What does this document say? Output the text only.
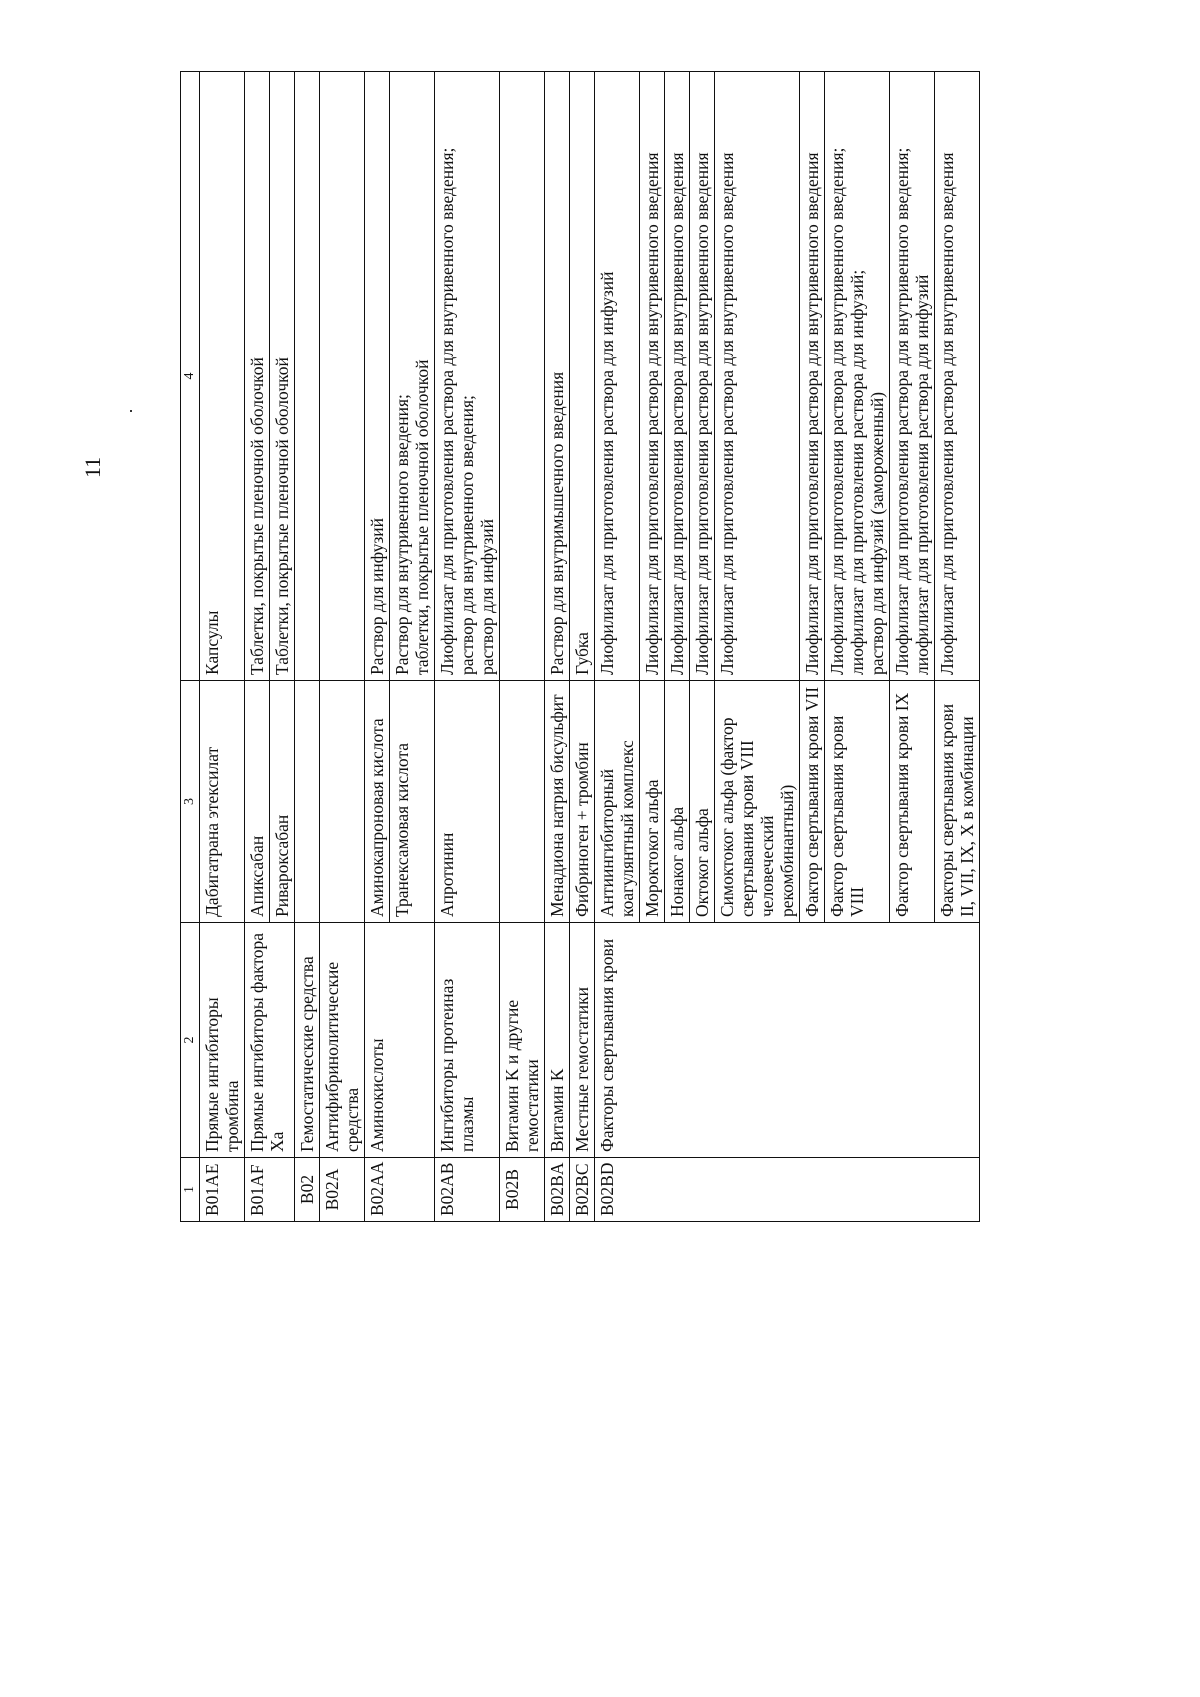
11
1	2	3	4
B01AE	Прямые ингибиторы тромбина	Дабигатрана этексилат	Капсулы
B01AF	Прямые ингибиторы фактора Xa	Апиксабан	Таблетки, покрытые пленочной оболочкой
		Ривароксабан	Таблетки, покрытые пленочной оболочкой
B02	Гемостатические средства		
B02A	Антифибринолитические средства		
B02AA	Аминокислоты	Аминокапроновая кислота	Раствор для инфузий
		Транексамовая кислота	Раствор для внутривенного введения; таблетки, покрытые пленочной оболочкой

B02AB	Ингибиторы протеиназ плазмы	Апротинин	Лиофилизат для приготовления раствора для внутривенного введения; раствор для внутривенного введения; раствор для инфузий

B02B	Витамин K и другие гемостатики		
B02BA	Витамин K	Менадиона натрия бисульфит	Раствор для внутримышечного введения
B02BC	Местные гемостатики	Фибриноген + тромбин	Губка
B02BD	Факторы свертывания крови	Антиингибиторный коагулянтный комплекс	Лиофилизат для приготовления раствора для инфузий
		Мороктоког альфа	Лиофилизат для приготовления раствора для внутривенного введения
		Нонаког альфа	Лиофилизат для приготовления раствора для внутривенного введения
		Октоког альфа	Лиофилизат для приготовления раствора для внутривенного введения
		Симоктоког альфа (фактор свертывания крови VIII человеческий рекомбинантный)	Лиофилизат для приготовления раствора для внутривенного введения
		Фактор свертывания крови VII	Лиофилизат для приготовления раствора для внутривенного введения
		Фактор свертывания крови VIII	Лиофилизат для приготовления раствора для внутривенного введения; лиофилизат для приготовления раствора для инфузий; раствор для инфузий (замороженный)

		Фактор свертывания крови IX	Лиофилизат для приготовления раствора для внутривенного введения; лиофилизат для приготовления раствора для инфузий

		Факторы свертывания крови II, VII, IX, X в комбинации	Лиофилизат для приготовления раствора для внутривенного введения
